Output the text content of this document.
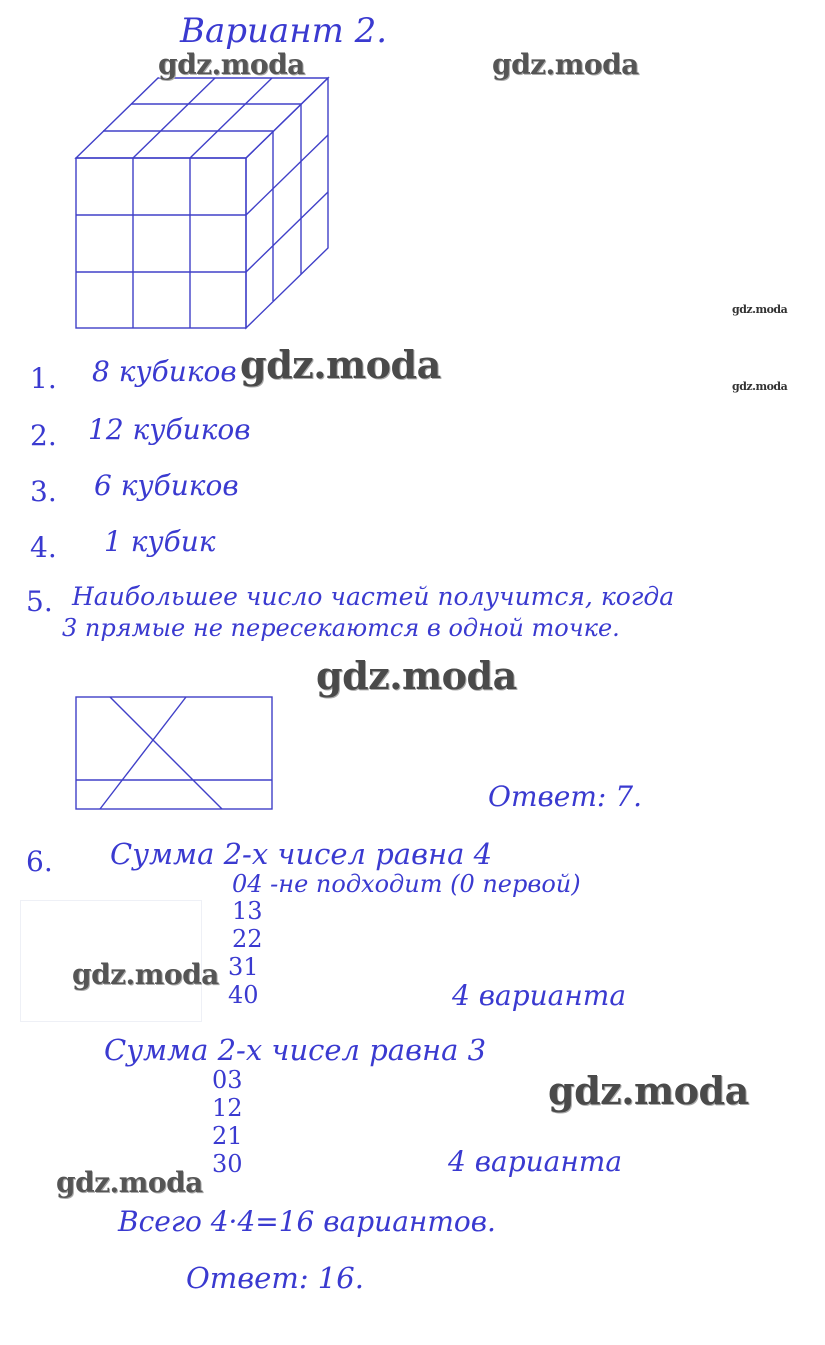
Вариант 2.
gdz.moda	gdz.moda
gdz.moda
gdz.moda
gdz.moda
gdz.moda
gdz.moda
gdz.moda
gdz.moda
1. 8 кубиков
2. 12 кубиков
3. 6 кубиков
4. 1 кубик
5. Наибольшее число частей получится, когда
3 прямые не пересекаются в одной точке.
Ответ: 7.
6. Сумма 2-х чисел равна 4
04 -не подходит (0 первой)
13
22
31
40	4 варианта
Сумма 2-х чисел равна 3
03
12
21
30	4 варианта
Всего 4·4=16 вариантов.
Ответ: 16.
